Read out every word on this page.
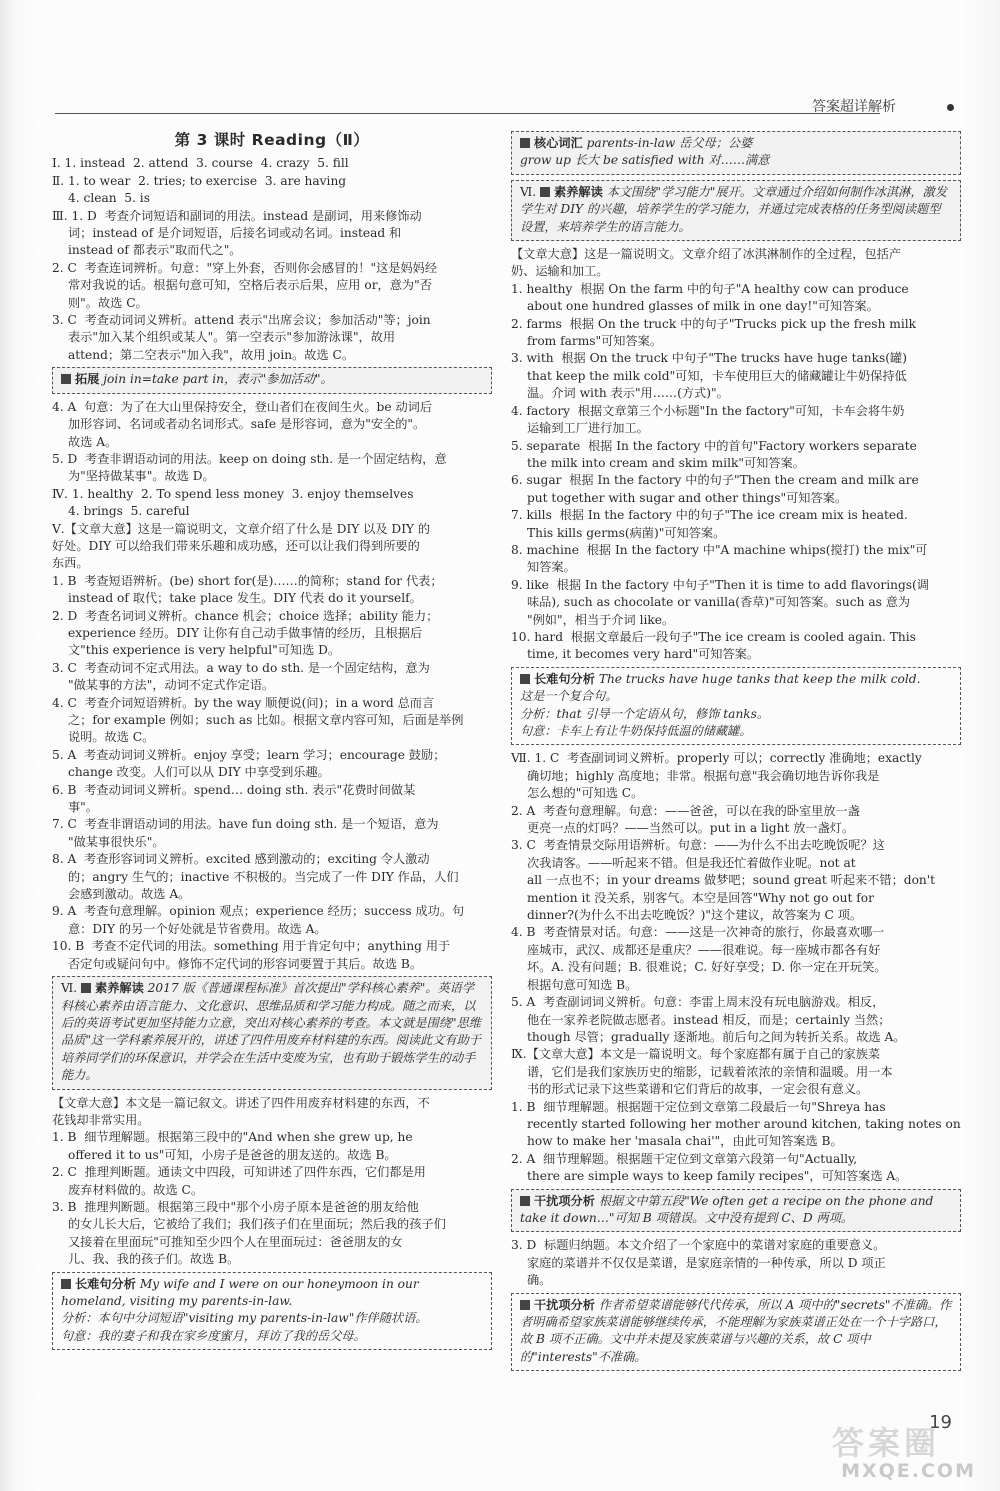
答案超详解析
第 3 课时 Reading（Ⅱ）
Ⅰ. 1. instead  2. attend  3. course  4. crazy  5. fill
Ⅱ. 1. to wear  2. tries; to exercise  3. are having
4. clean  5. is
Ⅲ. 1. D  考查介词短语和副词的用法。instead 是副词，用来修饰动
词；instead of 是介词短语，后接名词或动名词。instead 和
instead of 都表示"取而代之"。
2. C  考查连词辨析。句意："穿上外套，否则你会感冒的！"这是妈妈经
常对我说的话。根据句意可知，空格后表示后果，应用 or，意为"否
则"。故选 C。
3. C  考查动词词义辨析。attend 表示"出席会议；参加活动"等；join
表示"加入某个组织或某人"。第一空表示"参加游泳课"，故用
attend；第二空表示"加入我"，故用 join。故选 C。
拓展 join in=take part in，表示"参加活动"。
4. A  句意：为了在大山里保持安全，登山者们在夜间生火。be 动词后
加形容词、名词或者动名词形式。safe 是形容词，意为"安全的"。
故选 A。
5. D  考查非谓语动词的用法。keep on doing sth. 是一个固定结构，意
为"坚持做某事"。故选 D。
Ⅳ. 1. healthy  2. To spend less money  3. enjoy themselves
4. brings  5. careful
Ⅴ.【文章大意】这是一篇说明文，文章介绍了什么是 DIY 以及 DIY 的
好处。DIY 可以给我们带来乐趣和成功感，还可以让我们得到所要的
东西。
1. B  考查短语辨析。(be) short for(是)……的简称；stand for 代表；
instead of 取代；take place 发生。DIY 代表 do it yourself。
2. D  考查名词词义辨析。chance 机会；choice 选择；ability 能力；
experience 经历。DIY 让你有自己动手做事情的经历，且根据后
文"this experience is very helpful"可知选 D。
3. C  考查动词不定式用法。a way to do sth. 是一个固定结构，意为
"做某事的方法"，动词不定式作定语。
4. C  考查介词短语辨析。by the way 顺便说(问)；in a word 总而言
之；for example 例如；such as 比如。根据文章内容可知，后面是举例
说明。故选 C。
5. A  考查动词词义辨析。enjoy 享受；learn 学习；encourage 鼓励；
change 改变。人们可以从 DIY 中享受到乐趣。
6. B  考查动词词义辨析。spend… doing sth. 表示"花费时间做某
事"。
7. C  考查非谓语动词的用法。have fun doing sth. 是一个短语，意为
"做某事很快乐"。
8. A  考查形容词词义辨析。excited 感到激动的；exciting 令人激动
的；angry 生气的；inactive 不积极的。当完成了一件 DIY 作品，人们
会感到激动。故选 A。
9. A  考查句意理解。opinion 观点；experience 经历；success 成功。句
意：DIY 的另一个好处就是节省费用。故选 A。
10. B  考查不定代词的用法。something 用于肯定句中；anything 用于
否定句或疑问句中。修饰不定代词的形容词要置于其后。故选 B。
Ⅵ. 素养解读 2017 版《普通课程标准》首次提出"学科核心素养"。英语学科核心素养由语言能力、文化意识、思维品质和学习能力构成。随之而来，以后的英语考试更加坚持能力立意，突出对核心素养的考查。本文就是围绕"思维品质"这一学科素养展开的，讲述了四件用废弃材料建的东西。阅读此文有助于培养同学们的环保意识，并学会在生活中变废为宝，也有助于锻炼学生的动手能力。
【文章大意】本文是一篇记叙文。讲述了四件用废弃材料建的东西，不
花钱却非常实用。
1. B  细节理解题。根据第三段中的"And when she grew up, he
offered it to us"可知，小房子是爸爸的朋友送的。故选 B。
2. C  推理判断题。通读文中四段，可知讲述了四件东西，它们都是用
废弃材料做的。故选 C。
3. B  推理判断题。根据第三段中"那个小房子原本是爸爸的朋友给他
的女儿长大后，它被给了我们；我们孩子们在里面玩；然后我的孩子们
又接着在里面玩"可推知至少四个人在里面玩过：爸爸朋友的女
儿、我、我的孩子们。故选 B。
长难句分析 My wife and I were on our honeymoon in our homeland, visiting my parents-in-law.
分析：本句中分词短语"visiting my parents-in-law"作伴随状语。
句意：我的妻子和我在家乡度蜜月，拜访了我的岳父母。
核心词汇 parents-in-law 岳父母；公婆
grow up 长大 be satisfied with 对……满意
Ⅵ. 素养解读 本文围绕"学习能力"展开。文章通过介绍如何制作冰淇淋，激发学生对 DIY 的兴趣，培养学生的学习能力，并通过完成表格的任务型阅读题型设置，来培养学生的语言能力。
【文章大意】这是一篇说明文。文章介绍了冰淇淋制作的全过程，包括产
奶、运输和加工。
1. healthy  根据 On the farm 中的句子"A healthy cow can produce
about one hundred glasses of milk in one day!"可知答案。
2. farms  根据 On the truck 中的句子"Trucks pick up the fresh milk
from farms"可知答案。
3. with  根据 On the truck 中句子"The trucks have huge tanks(罐)
that keep the milk cold"可知，卡车使用巨大的储藏罐让牛奶保持低
温。介词 with 表示"用……(方式)"。
4. factory  根据文章第三个小标题"In the factory"可知，卡车会将牛奶
运输到工厂进行加工。
5. separate  根据 In the factory 中的首句"Factory workers separate
the milk into cream and skim milk"可知答案。
6. sugar  根据 In the factory 中的句子"Then the cream and milk are
put together with sugar and other things"可知答案。
7. kills  根据 In the factory 中的句子"The ice cream mix is heated.
This kills germs(病菌)"可知答案。
8. machine  根据 In the factory 中"A machine whips(搅打) the mix"可
知答案。
9. like  根据 In the factory 中句子"Then it is time to add flavorings(调
味品), such as chocolate or vanilla(香草)"可知答案。such as 意为
"例如"，相当于介词 like。
10. hard  根据文章最后一段句子"The ice cream is cooled again. This
time, it becomes very hard"可知答案。
长难句分析 The trucks have huge tanks that keep the milk cold.
这是一个复合句。
分析：that 引导一个定语从句，修饰 tanks。
句意：卡车上有让牛奶保持低温的储藏罐。
Ⅶ. 1. C  考查副词词义辨析。properly 可以；correctly 准确地；exactly
确切地；highly 高度地；非常。根据句意"我会确切地告诉你我是
怎么想的"可知选 C。
2. A  考查句意理解。句意：——爸爸，可以在我的卧室里放一盏
更亮一点的灯吗？——当然可以。put in a light 放一盏灯。
3. C  考查情景交际用语辨析。句意：——为什么不出去吃晚饭呢？这
次我请客。——听起来不错。但是我还忙着做作业呢。not at
all 一点也不；in your dreams 做梦吧；sound great 听起来不错；don't
mention it 没关系，别客气。本空是回答"Why not go out for
dinner?(为什么不出去吃晚饭？)"这个建议，故答案为 C 项。
4. B  考查情景对话。句意：——这是一次神奇的旅行，你最喜欢哪一
座城市，武汉、成都还是重庆？——很难说。每一座城市都各有好
坏。A. 没有问题；B. 很难说；C. 好好享受；D. 你一定在开玩笑。
根据句意可知选 B。
5. A  考查副词词义辨析。句意：李雷上周末没有玩电脑游戏。相反，
他在一家养老院做志愿者。instead 相反，而是；certainly 当然；
though 尽管；gradually 逐渐地。前后句之间为转折关系。故选 A。
Ⅸ.【文章大意】本文是一篇说明文。每个家庭都有属于自己的家族菜
谱，它们是我们家族历史的缩影，记载着浓浓的亲情和温暖。用一本
书的形式记录下这些菜谱和它们背后的故事，一定会很有意义。
1. B  细节理解题。根据题干定位到文章第二段最后一句"Shreya has
recently started following her mother around kitchen, taking notes on
how to make her 'masala chai'"，由此可知答案选 B。
2. A  细节理解题。根据题干定位到文章第六段第一句"Actually,
there are simple ways to keep family recipes"，可知答案选 A。
干扰项分析 根据文中第五段"We often get a recipe on the phone and take it down…"可知 B 项错误。文中没有提到 C、D 两项。
3. D  标题归纳题。本文介绍了一个家庭中的菜谱对家庭的重要意义。
家庭的菜谱并不仅仅是菜谱，是家庭亲情的一种传承，所以 D 项正
确。
干扰项分析 作者希望菜谱能够代代传承，所以 A 项中的"secrets"不准确。作者明确希望家族菜谱能够继续传承，不能理解为家族菜谱正处在一个十字路口，故 B 项不正确。文中并未提及家族菜谱与兴趣的关系，故 C 项中的"interests"不准确。
答案圈
MXQE.COM
19
